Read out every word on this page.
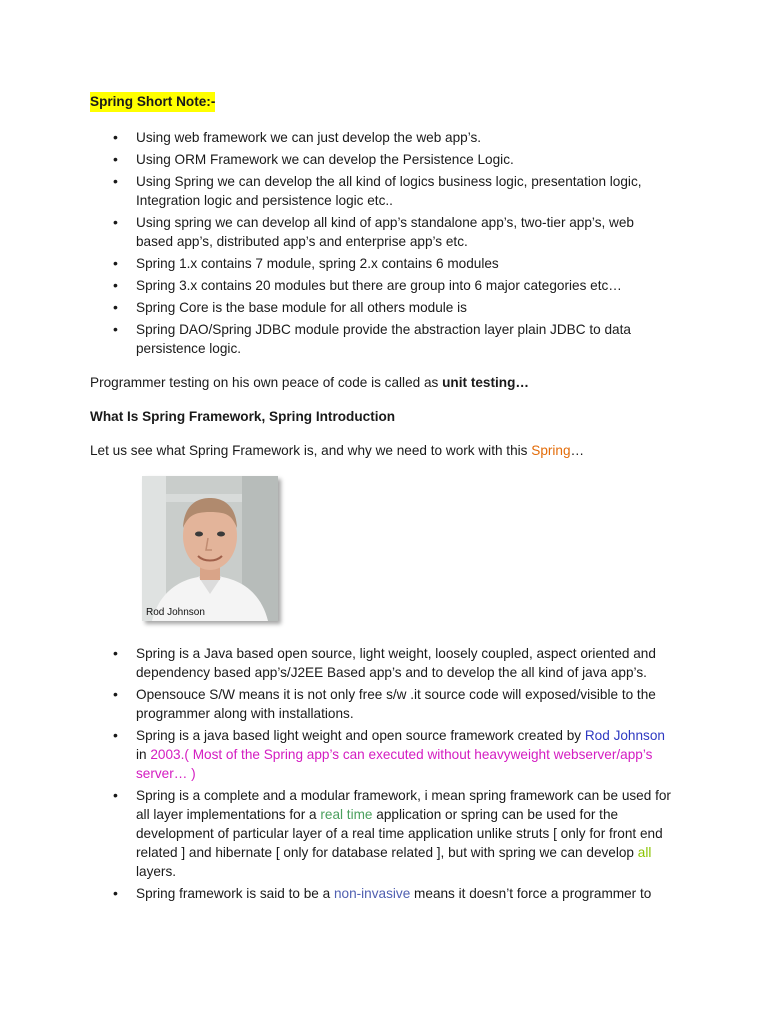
Spring Short Note:-
• Using web framework we can just develop the web app’s.
• Using ORM Framework we can develop the Persistence Logic.
• Using Spring we can develop the all kind of logics business logic, presentation logic, Integration logic and persistence logic etc..
• Using spring we can develop all kind of app’s standalone app’s, two-tier app’s, web based app’s, distributed app’s and enterprise app’s etc.
• Spring 1.x contains 7 module, spring 2.x contains 6 modules
• Spring 3.x contains 20 modules but there are group into 6 major categories etc…
• Spring Core is the base module for all others module is
• Spring DAO/Spring JDBC module provide the abstraction layer plain JDBC to data persistence logic.
Programmer testing on his own peace of code is called as unit testing…
What Is Spring Framework, Spring Introduction
Let us see what Spring Framework is, and why we need to work with this Spring…
Rod Johnson
• Spring is a Java based open source, light weight, loosely coupled, aspect oriented and dependency based app’s/J2EE Based app’s and to develop the all kind of java app’s.
• Opensouce S/W means it is not only free s/w .it source code will exposed/visible to the programmer along with installations.
• Spring is a java based light weight and open source framework created by Rod Johnson in 2003.( Most of the Spring app’s can executed without heavyweight webserver/app’s server… )
• Spring is a complete and a modular framework, i mean spring framework can be used for all layer implementations for a real time application or spring can be used for the development of particular layer of a real time application unlike struts [ only for front end related ] and hibernate [ only for database related ], but with spring we can develop all layers.
• Spring framework is said to be a non-invasive means it doesn’t force a programmer to
